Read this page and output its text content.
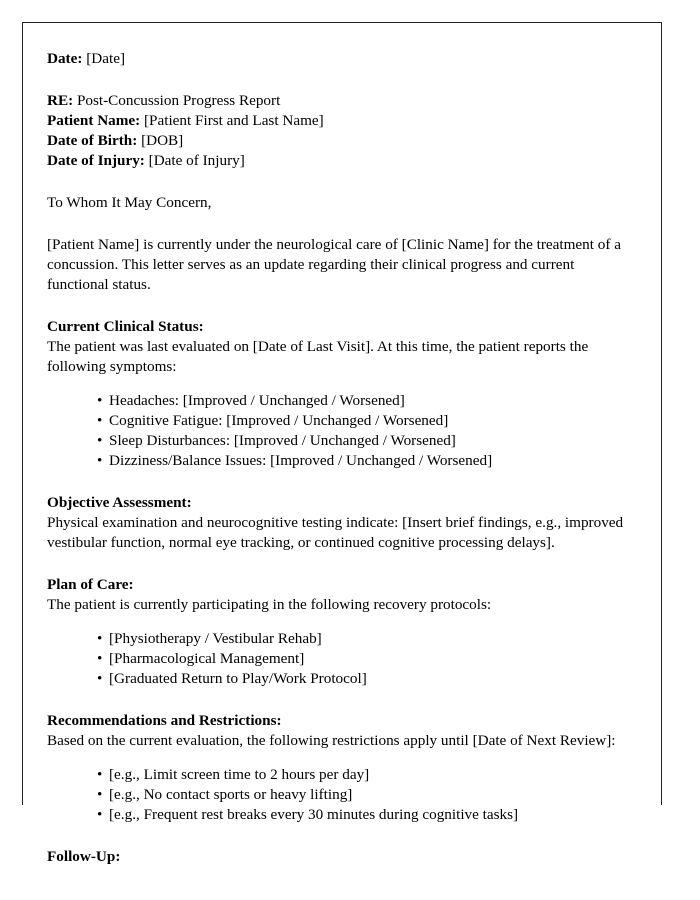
Date: [Date]

RE: Post-Concussion Progress Report

Patient Name: [Patient First and Last Name]

Date of Birth: [DOB]

Date of Injury: [Date of Injury]

To Whom It May Concern,

[Patient Name] is currently under the neurological care of [Clinic Name] for the treatment of a concussion. This letter serves as an update regarding their clinical progress and current functional status.

Current Clinical Status:

The patient was last evaluated on [Date of Last Visit]. At this time, the patient reports the following symptoms:

• Headaches: [Improved / Unchanged / Worsened]
• Cognitive Fatigue: [Improved / Unchanged / Worsened]
• Sleep Disturbances: [Improved / Unchanged / Worsened]
• Dizziness/Balance Issues: [Improved / Unchanged / Worsened]

Objective Assessment:

Physical examination and neurocognitive testing indicate: [Insert brief findings, e.g., improved vestibular function, normal eye tracking, or continued cognitive processing delays].

Plan of Care:

The patient is currently participating in the following recovery protocols:

• [Physiotherapy / Vestibular Rehab]
• [Pharmacological Management]
• [Graduated Return to Play/Work Protocol]

Recommendations and Restrictions:

Based on the current evaluation, the following restrictions apply until [Date of Next Review]:

• [e.g., Limit screen time to 2 hours per day]
• [e.g., No contact sports or heavy lifting]
• [e.g., Frequent rest breaks every 30 minutes during cognitive tasks]

Follow-Up:
